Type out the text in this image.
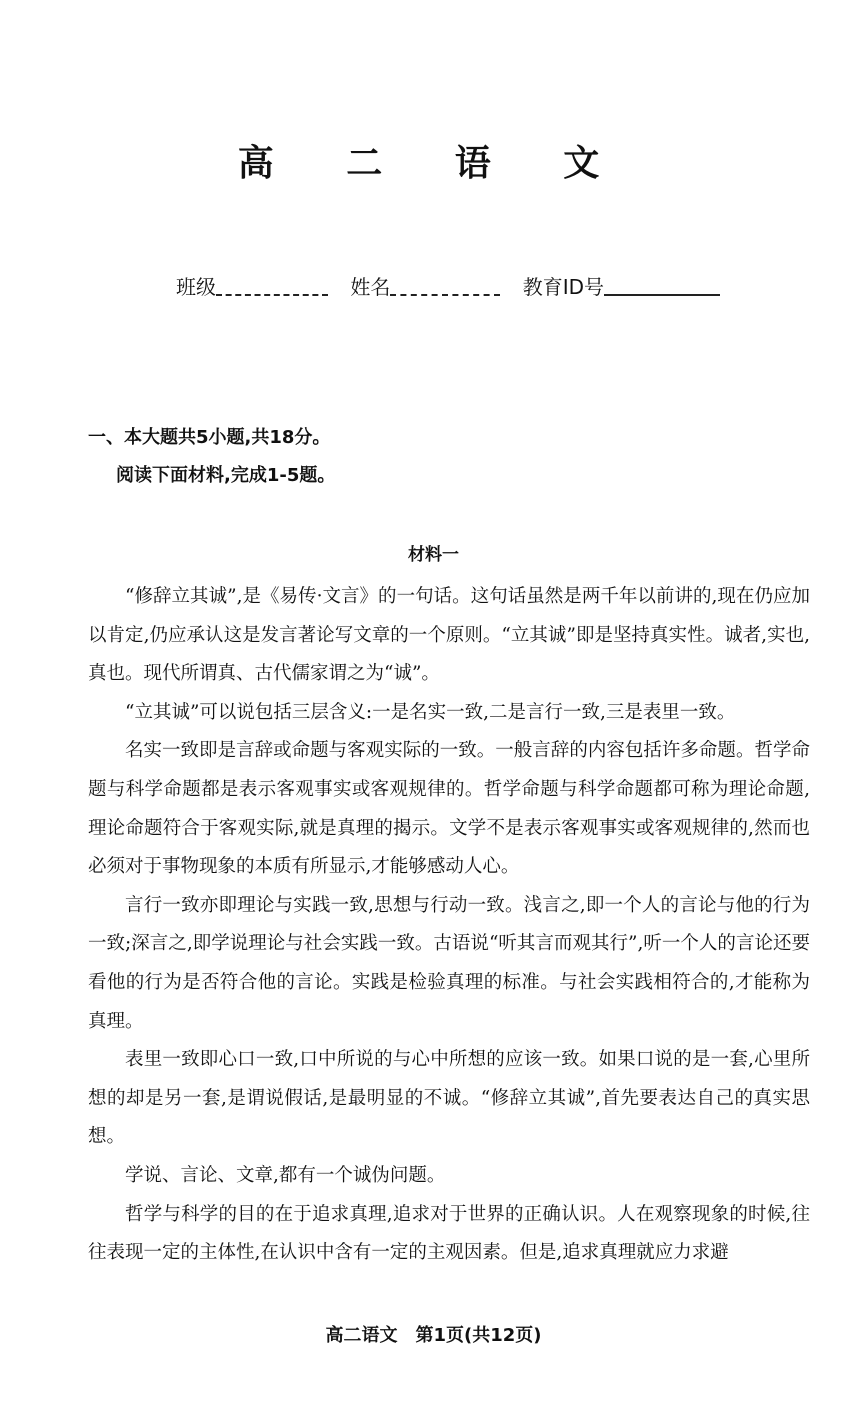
高 二 语 文
班级	姓名	教育ID号
一、本大题共5小题,共18分。
阅读下面材料,完成1-5题。
材料一

“修辞立其诚”,是《易传·文言》的一句话。这句话虽然是两千年以前讲的,现在仍应加以肯定,仍应承认这是发言著论写文章的一个原则。“立其诚”即是坚持真实性。诚者,实也,真也。现代所谓真、古代儒家谓之为“诚”。

“立其诚”可以说包括三层含义:一是名实一致,二是言行一致,三是表里一致。

名实一致即是言辞或命题与客观实际的一致。一般言辞的内容包括许多命题。哲学命题与科学命题都是表示客观事实或客观规律的。哲学命题与科学命题都可称为理论命题,理论命题符合于客观实际,就是真理的揭示。文学不是表示客观事实或客观规律的,然而也必须对于事物现象的本质有所显示,才能够感动人心。

言行一致亦即理论与实践一致,思想与行动一致。浅言之,即一个人的言论与他的行为一致;深言之,即学说理论与社会实践一致。古语说“听其言而观其行”,听一个人的言论还要看他的行为是否符合他的言论。实践是检验真理的标准。与社会实践相符合的,才能称为真理。

表里一致即心口一致,口中所说的与心中所想的应该一致。如果口说的是一套,心里所想的却是另一套,是谓说假话,是最明显的不诚。“修辞立其诚”,首先要表达自己的真实思想。

学说、言论、文章,都有一个诚伪问题。

哲学与科学的目的在于追求真理,追求对于世界的正确认识。人在观察现象的时候,往往表现一定的主体性,在认识中含有一定的主观因素。但是,追求真理就应力求避

高二语文　第1页(共12页)
